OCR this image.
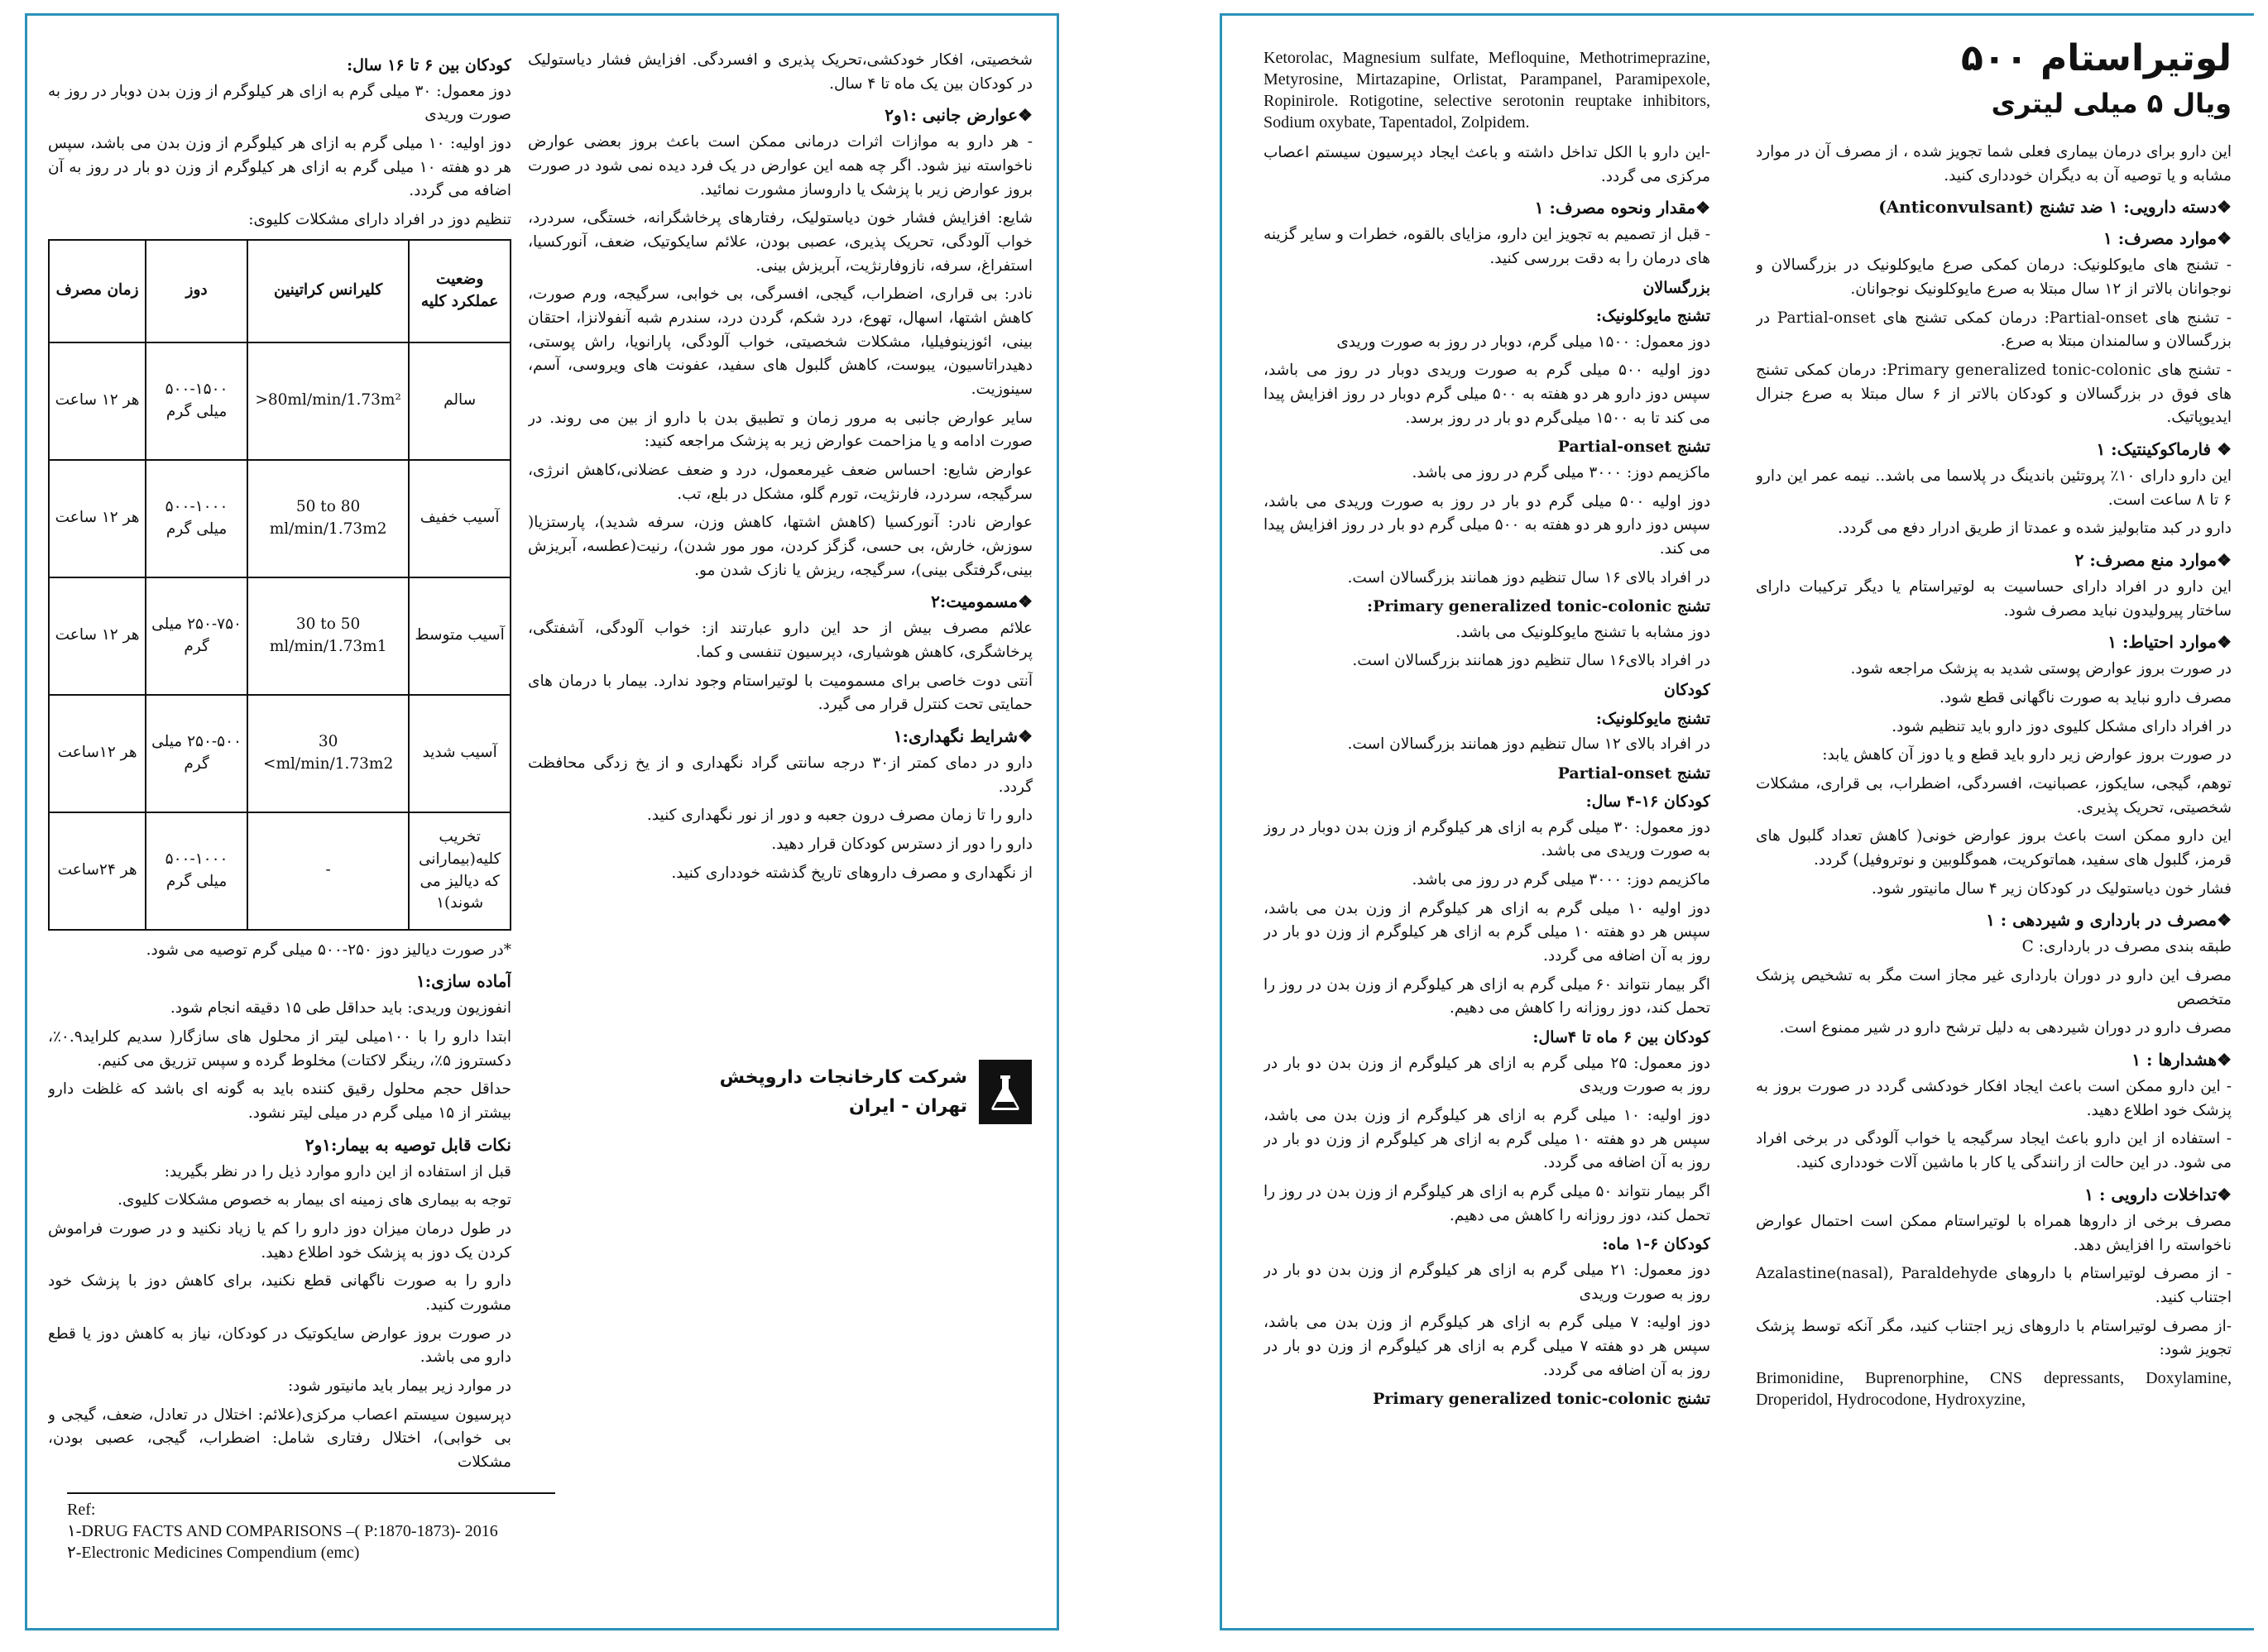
شخصیتی، افکار خودکشی،تحریک پذیری و افسردگی. افزایش فشار دیاستولیک در کودکان بین یک ماه تا ۴ سال.

❖عوارض جانبی :۱و۲

- هر دارو به موازات اثرات درمانی ممکن است باعث بروز بعضی عوارض ناخواسته نیز شود. اگر چه همه این عوارض در یک فرد دیده نمی شود در صورت بروز عوارض زیر با پزشک یا داروساز مشورت نمائید.

شایع: افزایش فشار خون دیاستولیک، رفتارهای پرخاشگرانه، خستگی، سردرد، خواب آلودگی، تحریک پذیری، عصبی بودن، علائم سایکوتیک، ضعف، آنورکسیا، استفراغ، سرفه، نازوفارنژیت، آبریزش بینی.

نادر: بی قراری، اضطراب، گیجی، افسرگی، بی خوابی، سرگیجه، ورم صورت، کاهش اشتها، اسهال، تهوع، درد شکم، گردن درد، سندرم شبه آنفولانزا، احتقان بینی، ائوزینوفیلیا، مشکلات شخصیتی، خواب آلودگی، پارانویا، راش پوستی، دهیدراتاسیون، یبوست، کاهش گلبول های سفید، عفونت های ویروسی، آسم، سینوزیت.

سایر عوارض جانبی به مرور زمان و تطبیق بدن با دارو از بین می روند. در صورت ادامه و یا مزاحمت عوارض زیر به پزشک مراجعه کنید:

عوارض شایع: احساس ضعف غیرمعمول، درد و ضعف عضلانی،کاهش انرژی، سرگیجه، سردرد، فارنژیت، تورم گلو، مشکل در بلع، تب.

عوارض نادر: آنورکسیا (کاهش اشتها، کاهش وزن، سرفه شدید)، پارستزیا( سوزش، خارش، بی حسی، گزگز کردن، مور مور شدن)، رنیت(عطسه، آبریزش بینی،گرفتگی بینی)، سرگیجه، ریزش یا نازک شدن مو.

❖مسمومیت:۲

علائم مصرف بیش از حد این دارو عبارتند از: خواب آلودگی، آشفتگی، پرخاشگری، کاهش هوشیاری، دپرسیون تنفسی و کما.

آنتی دوت خاصی برای مسمومیت با لوتیراستام وجود ندارد. بیمار با درمان های حمایتی تحت کنترل قرار می گیرد.

❖شرایط نگهداری:۱

دارو در دمای کمتر از۳۰ درجه سانتی گراد نگهداری و از یخ زدگی محافظت گردد.

دارو را تا زمان مصرف درون جعبه و دور از نور نگهداری کنید.

دارو را دور از دسترس کودکان قرار دهید.

از نگهداری و مصرف داروهای تاریخ گذشته خودداری کنید.

کودکان بین ۶ تا ۱۶ سال:

دوز معمول: ۳۰ میلی گرم به ازای هر کیلوگرم از وزن بدن دوبار در روز به صورت وریدی

دوز اولیه: ۱۰ میلی گرم به ازای هر کیلوگرم از وزن بدن می باشد، سپس هر دو هفته ۱۰ میلی گرم به ازای هر کیلوگرم از وزن دو بار در روز به آن اضافه می گردد.

تنظیم دوز در افراد دارای مشکلات کلیوی:

وضعیت عملکرد کلیه	کلیرانس کراتینین	دوز	زمان مصرف
سالم	>80ml/min/1.73m²	۵۰۰-۱۵۰۰ میلی گرم	هر ۱۲ ساعت
آسیب خفیف	50 to 80 ml/min/1.73m2	۵۰۰-۱۰۰۰ میلی گرم	هر ۱۲ ساعت
آسیب متوسط	30 to 50 ml/min/1.73m1	۲۵۰-۷۵۰ میلی گرم	هر ۱۲ ساعت
آسیب شدید	30 <ml/min/1.73m2	۲۵۰-۵۰۰ میلی گرم	هر ۱۲ساعت
تخریب کلیه(بیمارانی که دیالیز می شوند)۱	-	۵۰۰-۱۰۰۰ میلی گرم	هر ۲۴ساعت

*در صورت دیالیز دوز ۲۵۰-۵۰۰ میلی گرم توصیه می شود.

آماده سازی:۱

انفوزیون وریدی: باید حداقل طی ۱۵ دقیقه انجام شود.

ابتدا دارو را با ۱۰۰میلی لیتر از محلول های سازگار( سدیم کلراید۰.۹٪، دکستروز ۵٪، رینگر لاکتات) مخلوط گرده و سپس تزریق می کنیم.

حداقل حجم محلول رقیق کننده باید به گونه ای باشد که غلظت دارو بیشتر از ۱۵ میلی گرم در میلی لیتر نشود.

نکات قابل توصیه به بیمار:۱و۲

قبل از استفاده از این دارو موارد ذیل را در نظر بگیرید:

توجه به بیماری های زمینه ای بیمار به خصوص مشکلات کلیوی.

در طول درمان میزان دوز دارو را کم یا زیاد نکنید و در صورت فراموش کردن یک دوز به پزشک خود اطلاع دهید.

دارو را به صورت ناگهانی قطع نکنید، برای کاهش دوز با پزشک خود مشورت کنید.

در صورت بروز عوارض سایکوتیک در کودکان، نیاز به کاهش دوز یا قطع دارو می باشد.

در موارد زیر بیمار باید مانیتور شود:

دپرسیون سیستم اعصاب مرکزی(علائم: اختلال در تعادل، ضعف، گیجی و بی خوابی)، اختلال رفتاری شامل: اضطراب، گیجی، عصبی بودن، مشکلات

شرکت کارخانجات داروپخش
تهران - ایران
Ref:
۱-DRUG FACTS AND COMPARISONS –( P:1870-1873)- 2016
۲-Electronic Medicines Compendium (emc)

Ketorolac, Magnesium sulfate, Mefloquine, Methotrimeprazine, Metyrosine, Mirtazapine, Orlistat, Parampanel, Paramipexole, Ropinirole. Rotigotine, selective serotonin reuptake inhibitors, Sodium oxybate, Tapentadol, Zolpidem.

-این دارو با الکل تداخل داشته و باعث ایجاد دپرسیون سیستم اعصاب مرکزی می گردد.

❖مقدار ونحوه مصرف: ۱

- قبل از تصمیم به تجویز این دارو، مزایای بالقوه، خطرات و سایر گزینه های درمان را به دقت بررسی کنید.

بزرگسالان

تشنج مایوکلونیک:

دوز معمول: ۱۵۰۰ میلی گرم، دوبار در روز به صورت وریدی

دوز اولیه ۵۰۰ میلی گرم به صورت وریدی دوبار در روز می باشد، سپس دوز دارو هر دو هفته به ۵۰۰ میلی گرم دوبار در روز افزایش پیدا می کند تا به ۱۵۰۰ میلی‌گرم دو بار در روز برسد.

تشنج Partial-onset

ماکزیمم دوز: ۳۰۰۰ میلی گرم در روز می باشد.

دوز اولیه ۵۰۰ میلی گرم دو بار در روز به صورت وریدی می باشد، سپس دوز دارو هر دو هفته به ۵۰۰ میلی گرم دو بار در روز افزایش پیدا می کند.

در افراد بالای ۱۶ سال تنظیم دوز همانند بزرگسالان است.

تشنج Primary generalized tonic-colonic:

دوز مشابه با تشنج مایوکلونیک می باشد.

در افراد بالای۱۶ سال تنظیم دوز همانند بزرگسالان است.

کودکان

تشنج مایوکلونیک:

در افراد بالای ۱۲ سال تنظیم دوز همانند بزرگسالان است.

تشنج Partial-onset

کودکان ۱۶-۴ سال:

دوز معمول: ۳۰ میلی گرم به ازای هر کیلوگرم از وزن بدن دوبار در روز به صورت وریدی می باشد.

ماکزیمم دوز: ۳۰۰۰ میلی گرم در روز می باشد.

دوز اولیه ۱۰ میلی گرم به ازای هر کیلوگرم از وزن بدن می باشد، سپس هر دو هفته ۱۰ میلی گرم به ازای هر کیلوگرم از وزن دو بار در روز به آن اضافه می گردد.

اگر بیمار نتواند ۶۰ میلی گرم به ازای هر کیلوگرم از وزن بدن در روز را تحمل کند، دوز روزانه را کاهش می دهیم.

کودکان بین ۶ ماه تا ۴سال:

دوز معمول: ۲۵ میلی گرم به ازای هر کیلوگرم از وزن بدن دو بار در روز به صورت وریدی

دوز اولیه: ۱۰ میلی گرم به ازای هر کیلوگرم از وزن بدن می باشد، سپس هر دو هفته ۱۰ میلی گرم به ازای هر کیلوگرم از وزن دو بار در روز به آن اضافه می گردد.

اگر بیمار نتواند ۵۰ میلی گرم به ازای هر کیلوگرم از وزن بدن در روز را تحمل کند، دوز روزانه را کاهش می دهیم.

کودکان ۶-۱ ماه:

دوز معمول: ۲۱ میلی گرم به ازای هر کیلوگرم از وزن بدن دو بار در روز به صورت وریدی

دوز اولیه: ۷ میلی گرم به ازای هر کیلوگرم از وزن بدن می باشد، سپس هر دو هفته ۷ میلی گرم به ازای هر کیلوگرم از وزن دو بار در روز به آن اضافه می گردد.

تشنج Primary generalized tonic-colonic

لوتیراستام ۵۰۰
ویال ۵ میلی لیتری

این دارو برای درمان بیماری فعلی شما تجویز شده ، از مصرف آن در موارد مشابه و یا توصیه آن به دیگران خودداری کنید.

❖دسته دارویی: ۱ ضد تشنج (Anticonvulsant)

❖موارد مصرف: ۱

- تشنج های مایوکلونیک: درمان کمکی صرع مایوکلونیک در بزرگسالان و نوجوانان بالاتر از ۱۲ سال مبتلا به صرع مایوکلونیک نوجوانان.

- تشنج های Partial-onset: درمان کمکی تشنج های Partial-onset در بزرگسالان و سالمندان مبتلا به صرع.

- تشنج های Primary generalized tonic-colonic: درمان کمکی تشنج های فوق در بزرگسالان و کودکان بالاتر از ۶ سال مبتلا به صرع جنرال ایدیوپاتیک.

❖ فارماکوکینتیک: ۱

این دارو دارای ۱۰٪ پروتئین باندینگ در پلاسما می باشد.. نیمه عمر این دارو ۶ تا ۸ ساعت است.

دارو در کبد متابولیز شده و عمدتا از طریق ادرار دفع می گردد.

❖موارد منع مصرف: ۲

این دارو در افراد دارای حساسیت به لوتیراستام یا دیگر ترکیبات دارای ساختار پیرولیدون نباید مصرف شود.

❖موارد احتیاط: ۱

در صورت بروز عوارض پوستی شدید به پزشک مراجعه شود.

مصرف دارو نباید به صورت ناگهانی قطع شود.

در افراد دارای مشکل کلیوی دوز دارو باید تنظیم شود.

در صورت بروز عوارض زیر دارو باید قطع و یا دوز آن کاهش یابد:

توهم، گیجی، سایکوز، عصبانیت، افسردگی، اضطراب، بی قراری، مشکلات شخصیتی، تحریک پذیری.

این دارو ممکن است باعث بروز عوارض خونی( کاهش تعداد گلبول های قرمز، گلبول های سفید، هماتوکریت، هموگلوبین و نوتروفیل) گردد.

فشار خون دیاستولیک در کودکان زیر ۴ سال مانیتور شود.

❖مصرف در بارداری و شیردهی : ۱

طبقه بندی مصرف در بارداری: C

مصرف این دارو در دوران بارداری غیر مجاز است مگر به تشخیص پزشک متخصص

مصرف دارو در دوران شیردهی به دلیل ترشح دارو در شیر ممنوع است.

❖هشدارها : ۱

- این دارو ممکن است باعث ایجاد افکار خودکشی گردد در صورت بروز به پزشک خود اطلاع دهید.

- استفاده از این دارو باعث ایجاد سرگیجه یا خواب آلودگی در برخی افراد می شود. در این حالت از رانندگی یا کار با ماشین آلات خودداری کنید.

❖تداخلات دارویی : ۱

مصرف برخی از داروها همراه با لوتیراستام ممکن است احتمال عوارض ناخواسته را افزایش دهد.

- از مصرف لوتیراستام با داروهای Azalastine(nasal), Paraldehyde اجتناب کنید.

-از مصرف لوتیراستام با داروهای زیر اجتناب کنید، مگر آنکه توسط پزشک تجویز شود:

Brimonidine, Buprenorphine, CNS depressants, Doxylamine, Droperidol, Hydrocodone, Hydroxyzine,
